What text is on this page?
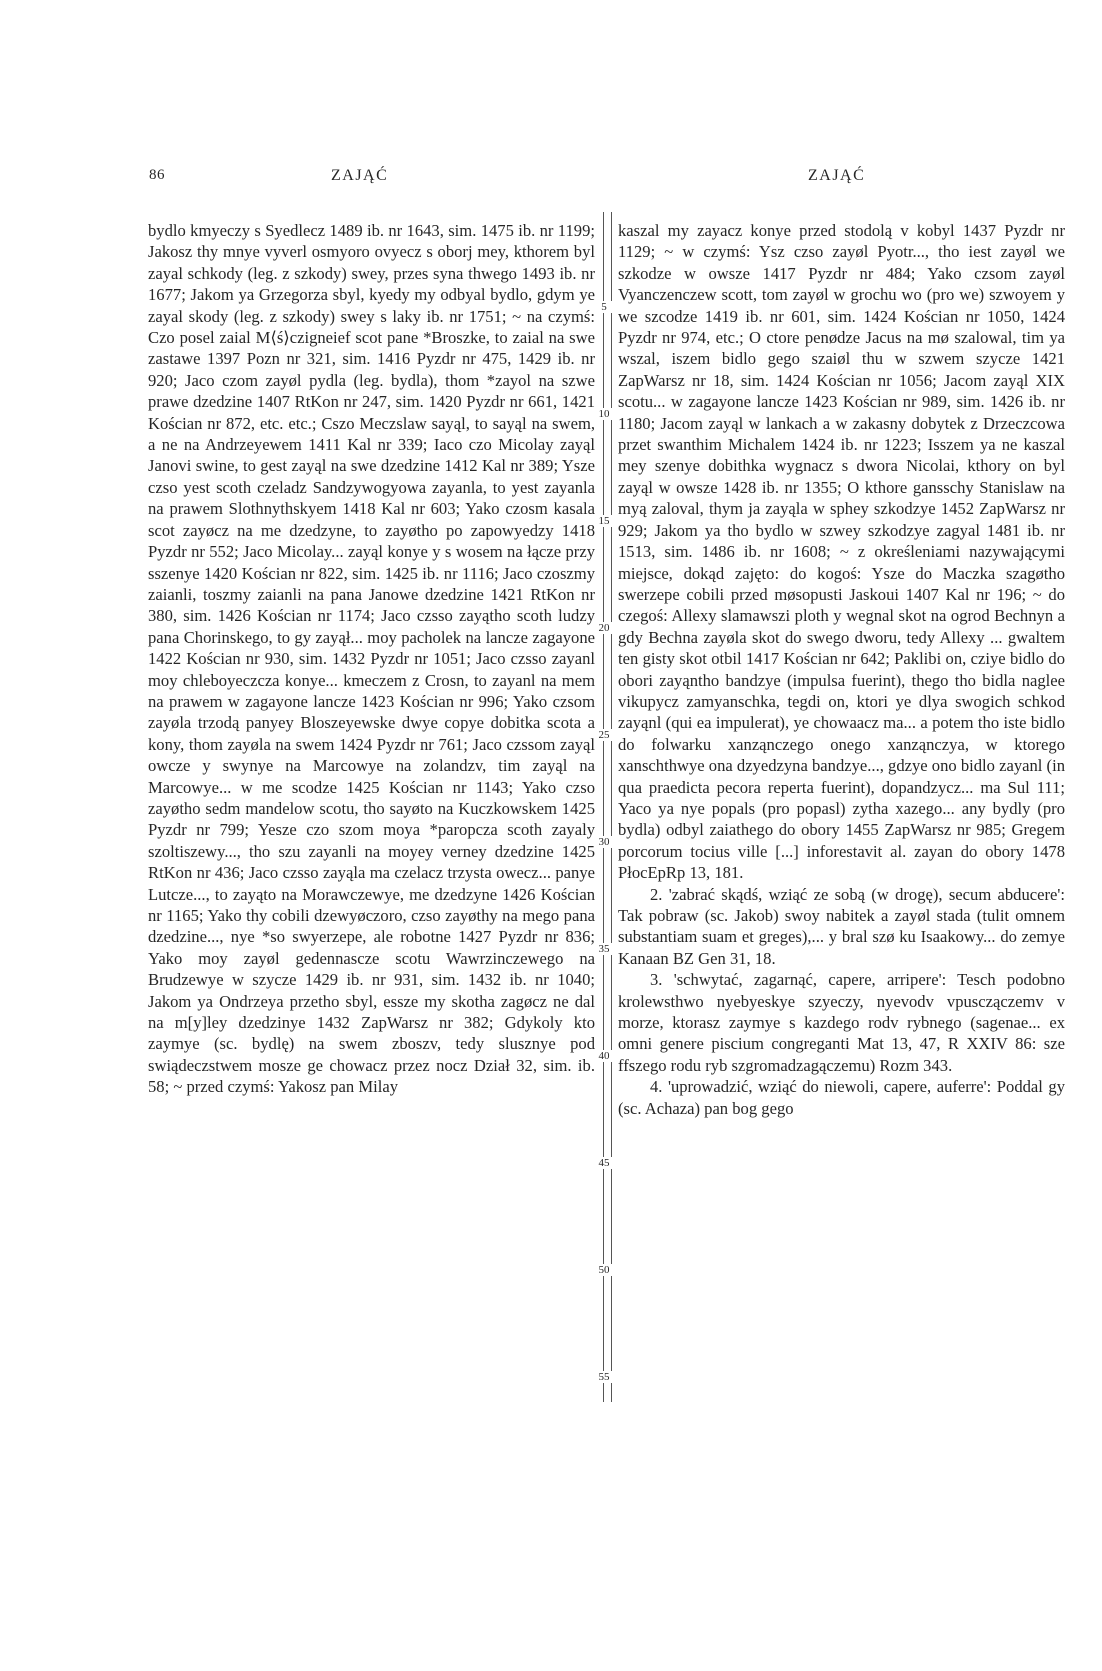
86	ZAJĄĆ	ZAJĄĆ
5
10
15
20
25
30
35
40
45
50
55

bydlo kmyeczy s Syedlecz 1489 ib. nr 1643, sim. 1475 ib. nr 1199; Jakosz thy mnye vyverl osmyoro ovyecz s oborj mey, kthorem byl zayal schkody (leg. z szkody) swey, przes syna thwego 1493 ib. nr 1677; Jakom ya Grzegorza sbyl, kyedy my odbyal bydlo, gdym ye zayal skody (leg. z szkody) swey s laky ib. nr 1751; ~ na czymś: Czo posel zaial M⟨ś⟩czigneief scot pane *Broszke, to zaial na swe zastawe 1397 Pozn nr 321, sim. 1416 Pyzdr nr 475, 1429 ib. nr 920; Jaco czom zayøl pydla (leg. bydla), thom *zayol na szwe prawe dzedzine 1407 RtKon nr 247, sim. 1420 Pyzdr nr 661, 1421 Kościan nr 872, etc. etc.; Cszo Meczslaw sayąl, to sayąl na swem, a ne na Andrzeyewem 1411 Kal nr 339; Iaco czo Micolay zayąl Janovi swine, to gest zayąl na swe dzedzine 1412 Kal nr 389; Ysze czso yest scoth czeladz Sandzywogyowa zayanla, to yest zayanla na prawem Slothnythskyem 1418 Kal nr 603; Yako czosm kasala scot zayøcz na me dzedzyne, to zayøtho po zapowyedzy 1418 Pyzdr nr 552; Jaco Micolay... zayąl konye y s wosem na łącze przy sszenye 1420 Kościan nr 822, sim. 1425 ib. nr 1116; Jaco czoszmy zaianli, toszmy zaianli na pana Janowe dzedzine 1421 RtKon nr 380, sim. 1426 Kościan nr 1174; Jaco czsso zayątho scoth ludzy pana Chorinskego, to gy zayął... moy pacholek na lancze zagayone 1422 Kościan nr 930, sim. 1432 Pyzdr nr 1051; Jaco czsso zayanl moy chleboyeczcza konye... kmeczem z Crosn, to zayanl na mem na prawem w zagayone lancze 1423 Kościan nr 996; Yako czsom zayøla trzodą panyey Bloszeyewske dwye copye dobitka scota a kony, thom zayøla na swem 1424 Pyzdr nr 761; Jaco czssom zayąl owcze y swynye na Marcowye na zolandzv, tim zayąl na Marcowye... w me scodze 1425 Kościan nr 1143; Yako czso zayøtho sedm mandelow scotu, tho sayøto na Kuczkowskem 1425 Pyzdr nr 799; Yesze czo szom moya *paropcza scoth zayaly szoltiszewy..., tho szu zayanli na moyey verney dzedzine 1425 RtKon nr 436; Jaco czsso zayąla ma czelacz trzysta owecz... panye Lutcze..., to zayąto na Morawczewye, me dzedzyne 1426 Kościan nr 1165; Yako thy cobili dzewyøczoro, czso zayøthy na mego pana dzedzine..., nye *so swyerzepe, ale robotne 1427 Pyzdr nr 836; Yako moy zayøl gedennascze scotu Wawrzinczewego na Brudzewye w szycze 1429 ib. nr 931, sim. 1432 ib. nr 1040; Jakom ya Ondrzeya przetho sbyl, essze my skotha zagøcz ne dal na m[y]ley dzedzinye 1432 ZapWarsz nr 382; Gdykoly kto zaymye (sc. bydlę) na swem zboszv, tedy slusznye pod swiądeczstwem mosze ge chowacz przez nocz Dział 32, sim. ib. 58; ~ przed czymś: Yakosz pan Milay

kaszal my zayacz konye przed stodolą v kobyl 1437 Pyzdr nr 1129; ~ w czymś: Ysz czso zayøl Pyotr..., tho iest zayøl we szkodze w owsze 1417 Pyzdr nr 484; Yako czsom zayøl Vyanczenczew scott, tom zayøl w grochu wo (pro we) szwoyem y we szcodze 1419 ib. nr 601, sim. 1424 Kościan nr 1050, 1424 Pyzdr nr 974, etc.; O ctore penødze Jacus na mø szalowal, tim ya wszal, iszem bidlo gego szaiøl thu w szwem szycze 1421 ZapWarsz nr 18, sim. 1424 Kościan nr 1056; Jacom zayąl XIX scotu... w zagayone lancze 1423 Kościan nr 989, sim. 1426 ib. nr 1180; Jacom zayąl w lankach a w zakasny dobytek z Drzeczcowa przet swanthim Michalem 1424 ib. nr 1223; Isszem ya ne kaszal mey szenye dobithka wygnacz s dwora Nicolai, kthory on byl zayąl w owsze 1428 ib. nr 1355; O kthore gansschy Stanislaw na myą zaloval, thym ja zayąla w sphey szkodzye 1452 ZapWarsz nr 929; Jakom ya tho bydlo w szwey szkodzye zagyal 1481 ib. nr 1513, sim. 1486 ib. nr 1608; ~ z określeniami nazywającymi miejsce, dokąd zajęto: do kogoś: Ysze do Maczka szagøtho swerzepe cobili przed møsopusti Jaskoui 1407 Kal nr 196; ~ do czegoś: Allexy slamawszi ploth y wegnal skot na ogrod Bechnyn a gdy Bechna zayøla skot do swego dworu, tedy Allexy ... gwaltem ten gisty skot otbil 1417 Kościan nr 642; Paklibi on, cziye bidlo do obori zayąntho bandzye (impulsa fuerint), thego tho bidla naglee vikupycz zamyanschka, tegdi on, ktori ye dlya swogich schkod zayąnl (qui ea impulerat), ye chowaacz ma... a potem tho iste bidlo do folwarku xanząnczego onego xanząnczya, w ktorego xanschthwye ona dzyedzyna bandzye..., gdzye ono bidlo zayanl (in qua praedicta pecora reperta fuerint), dopandzycz... ma Sul 111; Yaco ya nye popals (pro popasl) zytha xazego... any bydly (pro bydla) odbyl zaiathego do obory 1455 ZapWarsz nr 985; Gregem porcorum tocius ville [...] inforestavit al. zayan do obory 1478 PłocEpRp 13, 181.

2. 'zabrać skądś, wziąć ze sobą (w drogę), secum abducere': Tak pobraw (sc. Jakob) swoy nabitek a zayøl stada (tulit omnem substantiam suam et greges),... y bral szø ku Isaakowy... do zemye Kanaan BZ Gen 31, 18.

3. 'schwytać, zagarnąć, capere, arripere': Tesch podobno krolewsthwo nyebyeskye szyeczy, nyevodv vpusczączemv v morze, ktorasz zaymye s kazdego rodv rybnego (sagenae... ex omni genere piscium congreganti Mat 13, 47, R XXIV 86: sze ffszego rodu ryb szgromadzagączemu) Rozm 343.

4. 'uprowadzić, wziąć do niewoli, capere, auferre': Poddal gy (sc. Achaza) pan bog gego
